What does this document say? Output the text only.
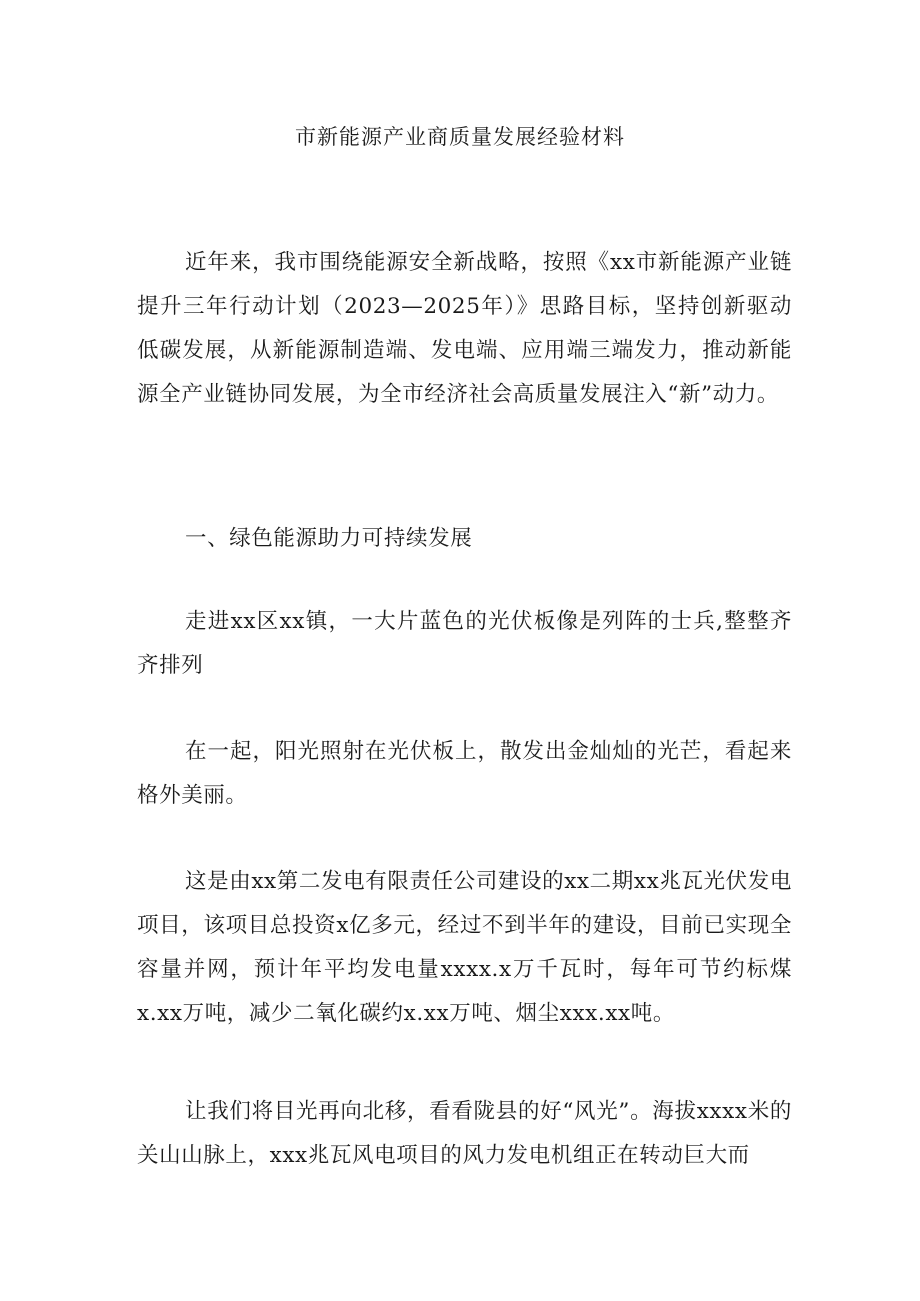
市新能源产业商质量发展经验材料

近年来，我市围绕能源安全新战略，按照《xx市新能源产业链提升三年行动计划（2023—2025年）》思路目标，坚持创新驱动低碳发展，从新能源制造端、发电端、应用端三端发力，推动新能源全产业链协同发展，为全市经济社会高质量发展注入“新”动力。

一、绿色能源助力可持续发展

走进xx区xx镇，一大片蓝色的光伏板像是列阵的士兵,整整齐齐排列

在一起，阳光照射在光伏板上，散发出金灿灿的光芒，看起来格外美丽。

这是由xx第二发电有限责任公司建设的xx二期xx兆瓦光伏发电项目，该项目总投资x亿多元，经过不到半年的建设，目前已实现全容量并网，预计年平均发电量xxxx.x万千瓦时，每年可节约标煤x.xx万吨，减少二氧化碳约x.xx万吨、烟尘xxx.xx吨。

让我们将目光再向北移，看看陇县的好“风光”。海拔xxxx米的关山山脉上，xxx兆瓦风电项目的风力发电机组正在转动巨大而
